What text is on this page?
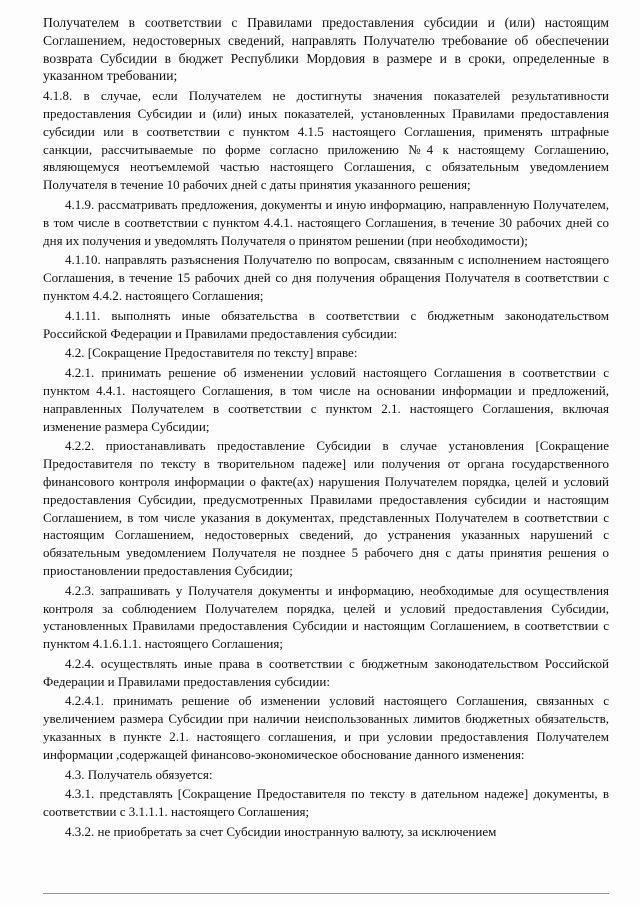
Получателем в соответствии с Правилами предоставления субсидии и (или) настоящим Соглашением, недостоверных сведений, направлять Получателю требование об обеспечении возврата Субсидии в бюджет Республики Мордовия в размере и в сроки, определенные в указанном требовании;

4.1.8. в случае, если Получателем не достигнуты значения показателей результативности предоставления Субсидии и (или) иных показателей, установленных Правилами предоставления субсидии или в соответствии с пунктом 4.1.5 настоящего Соглашения, применять штрафные санкции, рассчитываемые по форме согласно приложению №4 к настоящему Соглашению, являющемуся неотъемлемой частью настоящего Соглашения, с обязательным уведомлением Получателя в течение 10 рабочих дней с даты принятия указанного решения;

4.1.9. рассматривать предложения, документы и иную информацию, направленную Получателем, в том числе в соответствии с пунктом 4.4.1. настоящего Соглашения, в течение 30 рабочих дней со дня их получения и уведомлять Получателя о принятом решении (при необходимости);

4.1.10. направлять разъяснения Получателю по вопросам, связанным с исполнением настоящего Соглашения, в течение 15 рабочих дней со дня получения обращения Получателя в соответствии с пунктом 4.4.2. настоящего Соглашения;

4.1.11. выполнять иные обязательства в соответствии с бюджетным законодательством Российской Федерации и Правилами предоставления субсидии:

4.2. [Сокращение Предоставителя по тексту] вправе:

4.2.1. принимать решение об изменении условий настоящего Соглашения в соответствии с пунктом 4.4.1. настоящего Соглашения, в том числе на основании информации и предложений, направленных Получателем в соответствии с пунктом 2.1. настоящего Соглашения, включая изменение размера Субсидии;

4.2.2. приостанавливать предоставление Субсидии в случае установления [Сокращение Предоставителя по тексту в творительном падеже] или получения от органа государственного финансового контроля информации о факте(ах) нарушения Получателем порядка, целей и условий предоставления Субсидии, предусмотренных Правилами предоставления субсидии и настоящим Соглашением, в том числе указания в документах, представленных Получателем в соответствии с настоящим Соглашением, недостоверных сведений, до устранения указанных нарушений с обязательным уведомлением Получателя не позднее 5 рабочего дня с даты принятия решения о приостановлении предоставления Субсидии;

4.2.3. запрашивать у Получателя документы и информацию, необходимые для осуществления контроля за соблюдением Получателем порядка, целей и условий предоставления Субсидии, установленных Правилами предоставления Субсидии и настоящим Соглашением, в соответствии с пунктом 4.1.6.1.1. настоящего Соглашения;

4.2.4. осуществлять иные права в соответствии с бюджетным законодательством Российской Федерации и Правилами предоставления субсидии:

4.2.4.1. принимать решение об изменении условий настоящего Соглашения, связанных с увеличением размера Субсидии при наличии неиспользованных лимитов бюджетных обязательств, указанных в пункте 2.1. настоящего соглашения, и при условии предоставления Получателем информации ,содержащей финансово-экономическое обоснование данного изменения:

4.3. Получатель обязуется:

4.3.1. представлять [Сокращение Предоставителя по тексту в дательном надеже] документы, в соответствии с 3.1.1.1. настоящего Соглашения;

4.3.2. не приобретать за счет Субсидии иностранную валюту, за исключением
